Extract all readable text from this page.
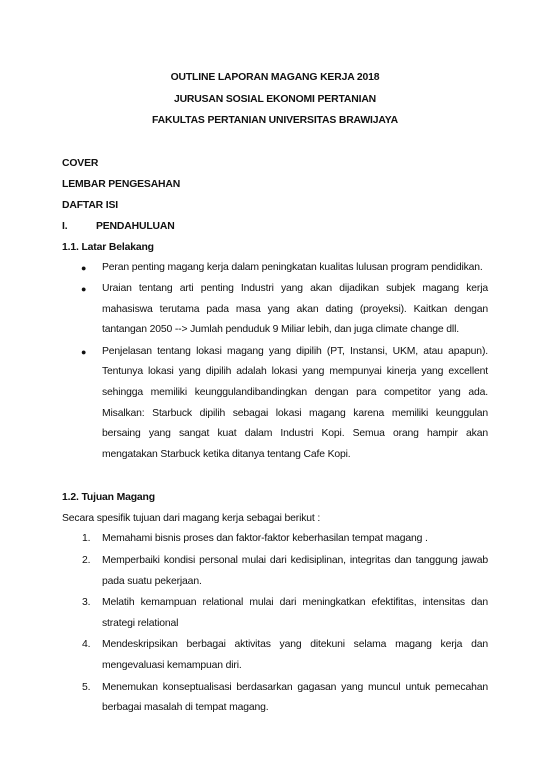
OUTLINE LAPORAN MAGANG KERJA 2018
JURUSAN SOSIAL EKONOMI PERTANIAN
FAKULTAS PERTANIAN UNIVERSITAS BRAWIJAYA
COVER
LEMBAR PENGESAHAN
DAFTAR ISI
I.	PENDAHULUAN
1.1. Latar Belakang
● Peran penting magang kerja dalam peningkatan kualitas lulusan program pendidikan.
● Uraian tentang arti penting Industri yang akan dijadikan subjek magang kerja mahasiswa terutama pada masa yang akan dating (proyeksi). Kaitkan dengan tantangan 2050 --> Jumlah penduduk 9 Miliar lebih, dan juga climate change dll.
● Penjelasan tentang lokasi magang yang dipilih (PT, Instansi, UKM, atau apapun). Tentunya lokasi yang dipilih adalah lokasi yang mempunyai kinerja yang excellent sehingga memiliki keunggulandibandingkan dengan para competitor yang ada. Misalkan: Starbuck dipilih sebagai lokasi magang karena memiliki keunggulan bersaing yang sangat kuat dalam Industri Kopi. Semua orang hampir akan mengatakan Starbuck ketika ditanya tentang Cafe Kopi.
1.2. Tujuan Magang
Secara spesifik tujuan dari magang kerja sebagai berikut :
1. Memahami bisnis proses dan faktor-faktor keberhasilan tempat magang .
2. Memperbaiki kondisi personal mulai dari kedisiplinan, integritas dan tanggung jawab pada suatu pekerjaan.
3. Melatih kemampuan relational mulai dari meningkatkan efektifitas, intensitas dan strategi relational
4. Mendeskripsikan berbagai aktivitas yang ditekuni selama magang kerja dan mengevaluasi kemampuan diri.
5. Menemukan konseptualisasi berdasarkan gagasan yang muncul untuk pemecahan berbagai masalah di tempat magang.
